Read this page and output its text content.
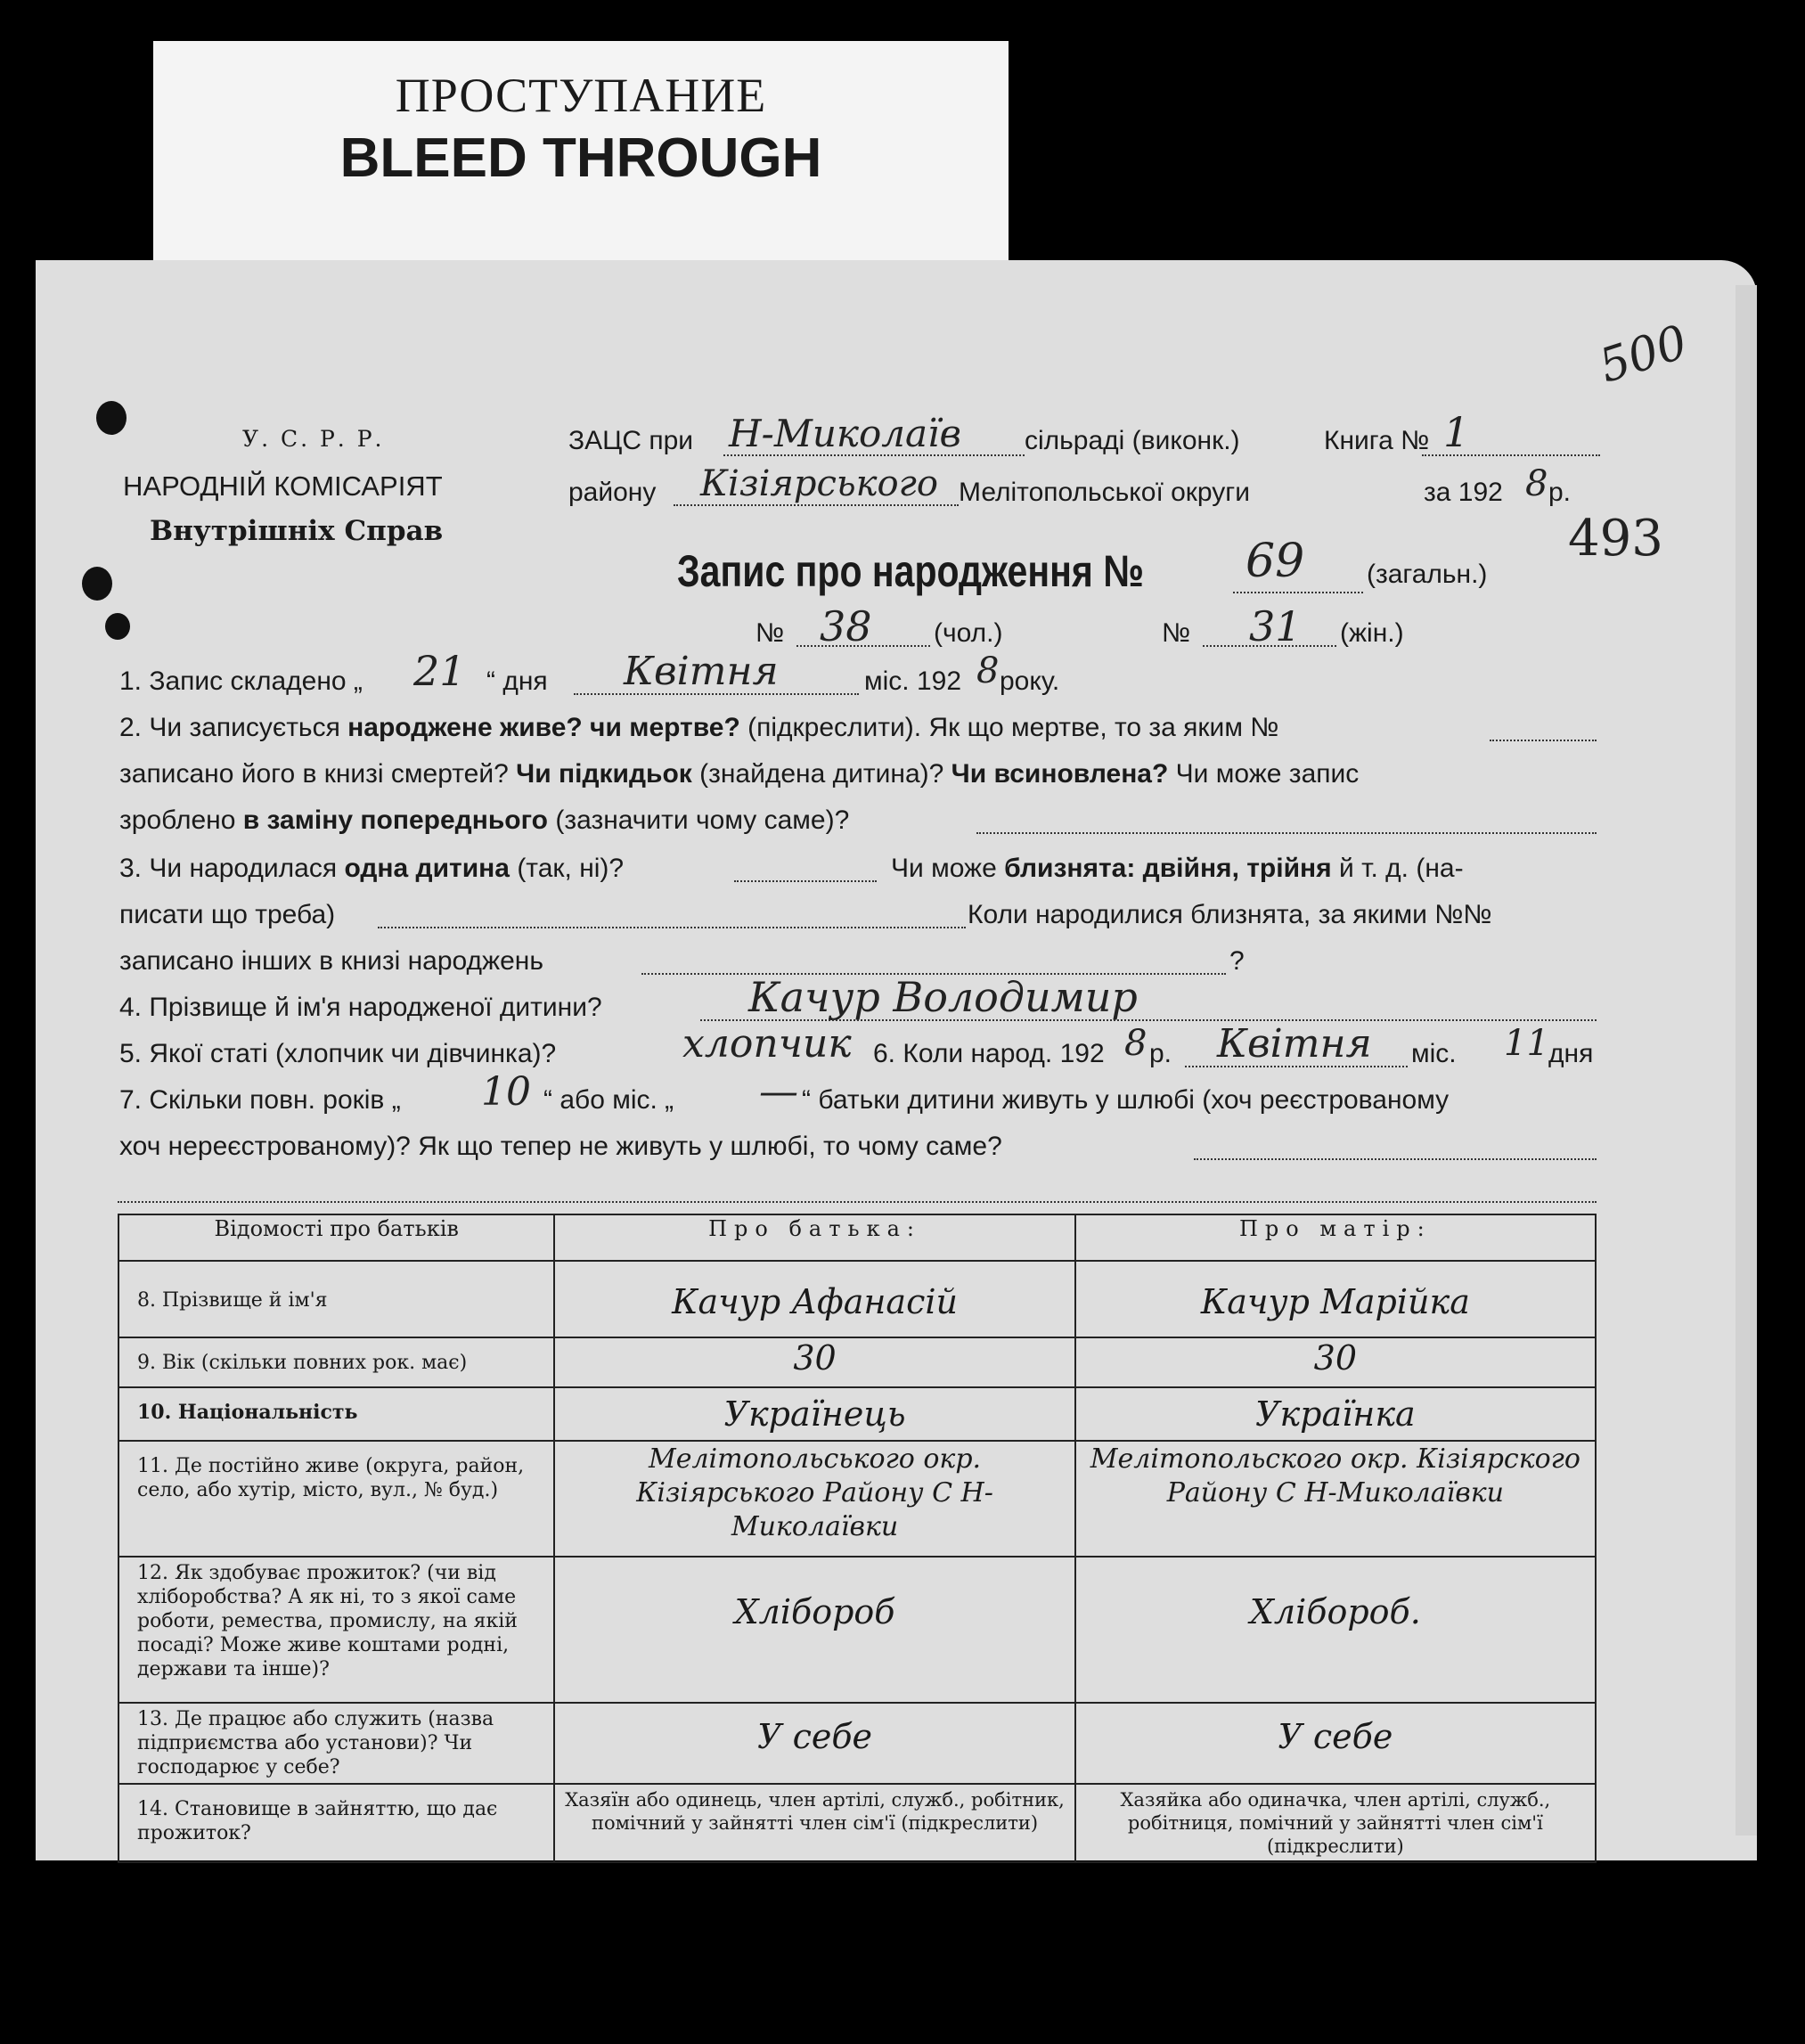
ПРОСТУПАНИЕ
BLEED THROUGH
500
493
У. С. Р. Р.
НАРОДНІЙ КОМІСАРІЯТ
Внутрішніх Справ
ЗАЦС при Н-Миколаїв сільраді (виконк.)	Книга № 1
району Кізіярського Мелітопольської округи	за 192 8 р.
Запис про народження № 69 (загальн.)
№ 38 (чол.)	№ 31 (жін.)
1. Запис складено „ 21 “ дня Квітня	міс. 192 8 року.
2. Чи записується народжене живе? чи мертве? (підкреслити). Як що мертве, то за яким №
записано його в книзі смертей? Чи підкидьок (знайдена дитина)? Чи всиновлена? Чи може запис
зроблено в заміну попереднього (зазначити чому саме)?
3. Чи народилася одна дитина (так, ні)?	Чи може близнята: двійня, трійня й т. д. (на-
писати що треба)	Коли народилися близнята, за якими №№
записано інших в книзі народжень	?
4. Прізвище й ім'я народженої дитини?	Качур Володимир
5. Якої статі (хлопчик чи дівчинка)?	хлопчик 6. Коли народ. 192 8 р. Квітня міс. 11 дня
7. Скільки повн. років „ 10 “ або міс. „ — “ батьки дитини живуть у шлюбі (хоч реєстрованому
хоч нереєстрованому)? Як що тепер не живуть у шлюбі, то чому саме?
Відомості про батьків	Про батька:	Про матір:
8. Прізвище й ім'я	Качур Афанасій	Качур Марійка
9. Вік (скільки повних рок. має)	30	30
10. Національність	Українець	Українка
11. Де постійно живе (округа, район, село, або хутір, місто, вул., № буд.)	Мелітопольського окр. Кізіярського Району С Н-Миколаївки	Мелітопольского окр. Кізіярского Району С Н-Миколаївки
12. Як здобуває прожиток? (чи від хліборобства? А як ні, то з якої саме роботи, ремества, промислу, на якій посаді? Може живе коштами родні, держави та інше)?	Хлібороб	Хлібороб.
13. Де працює або служить (назва підприємства або установи)? Чи господарює у себе?	У себе	У себе
14. Становище в зайняттю, що дає прожиток?	Хазяїн або одинець, член артілі, служб., робітник, помічний у зайнятті член сім'ї (підкреслити)	Хазяйка або одиначка, член артілі, служб., робітниця, помічний у зайнятті член сім'ї (підкреслити)
